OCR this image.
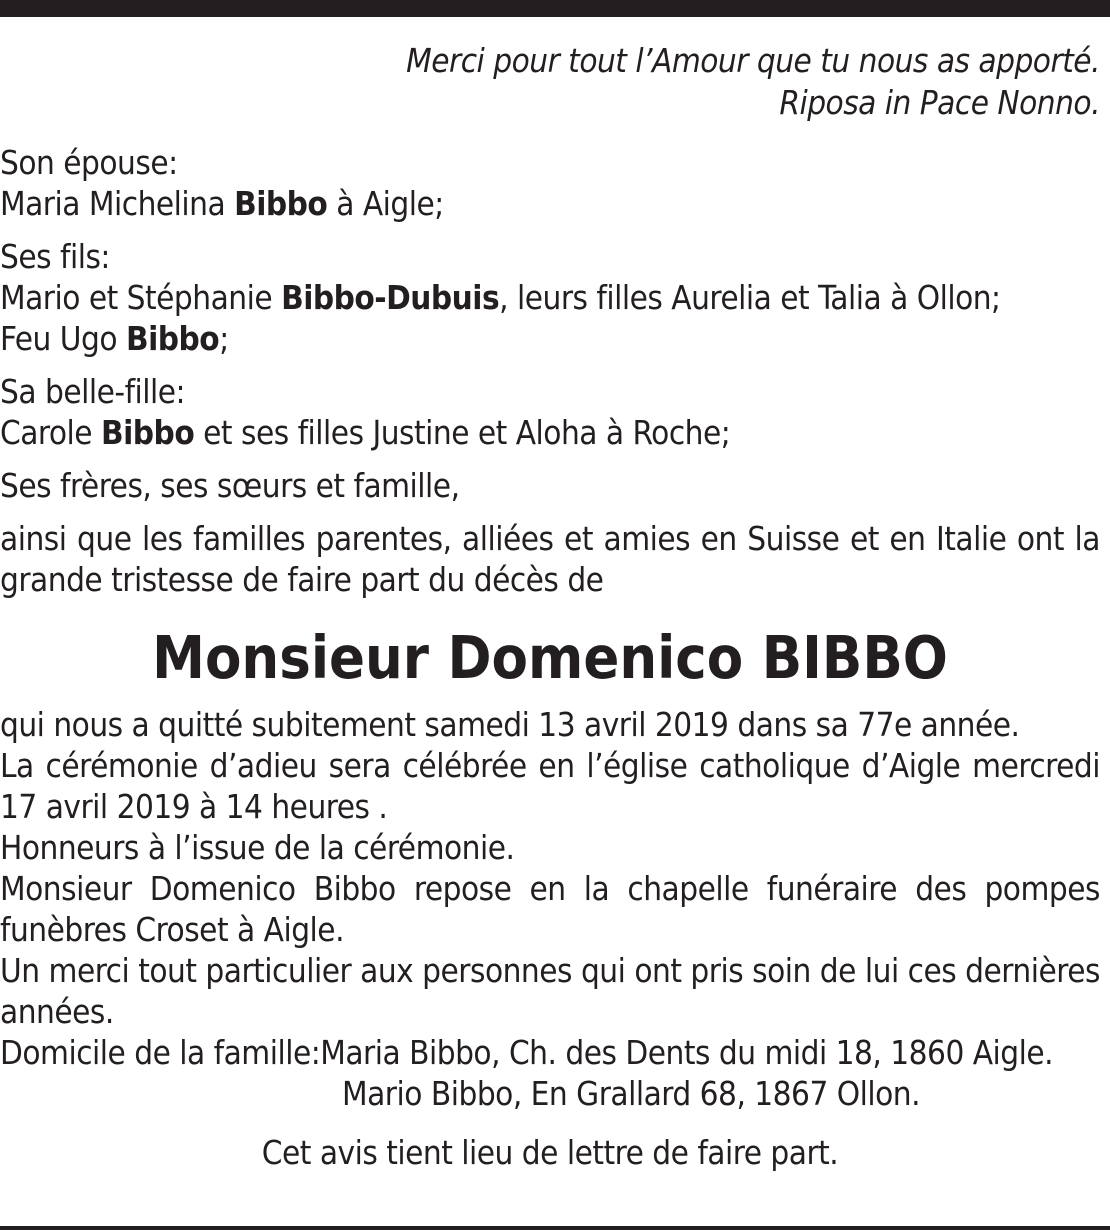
Merci pour tout l’Amour que tu nous as apporté.
Riposa in Pace Nonno.

Son épouse:

Maria Michelina Bibbo à Aigle;

Ses fils:

Mario et Stéphanie Bibbo-Dubuis, leurs filles Aurelia et Talia à Ollon;

Feu Ugo Bibbo;

Sa belle-fille:

Carole Bibbo et ses filles Justine et Aloha à Roche;

Ses frères, ses sœurs et famille,

ainsi que les familles parentes, alliées et amies en Suisse et en Italie ont la grande tristesse de faire part du décès de

Monsieur Domenico BIBBO

qui nous a quitté subitement samedi 13 avril 2019 dans sa 77e année.

La cérémonie d’adieu sera célébrée en l’église catholique d’Aigle mercredi 17 avril 2019 à 14 heures .

Honneurs à l’issue de la cérémonie.

Monsieur Domenico Bibbo repose en la chapelle funéraire des pompes funèbres Croset à Aigle.

Un merci tout particulier aux personnes qui ont pris soin de lui ces dernières années.

Domicile de la famille: Maria Bibbo, Ch. des Dents du midi 18, 1860 Aigle.

Mario Bibbo, En Grallard 68, 1867 Ollon.

Cet avis tient lieu de lettre de faire part.
